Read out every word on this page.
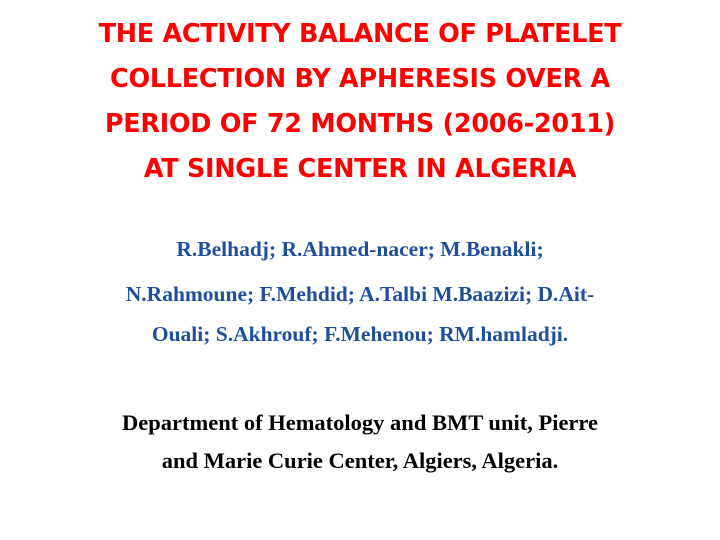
THE ACTIVITY BALANCE OF PLATELET
COLLECTION BY APHERESIS OVER A
PERIOD OF 72 MONTHS (2006-2011)
AT SINGLE CENTER IN ALGERIA
R.Belhadj; R.Ahmed-nacer; M.Benakli;
N.Rahmoune; F.Mehdid; A.Talbi M.Baazizi; D.Ait-
Ouali; S.Akhrouf; F.Mehenou; RM.hamladji.
Department of Hematology and BMT unit, Pierre
and Marie Curie Center, Algiers, Algeria.
